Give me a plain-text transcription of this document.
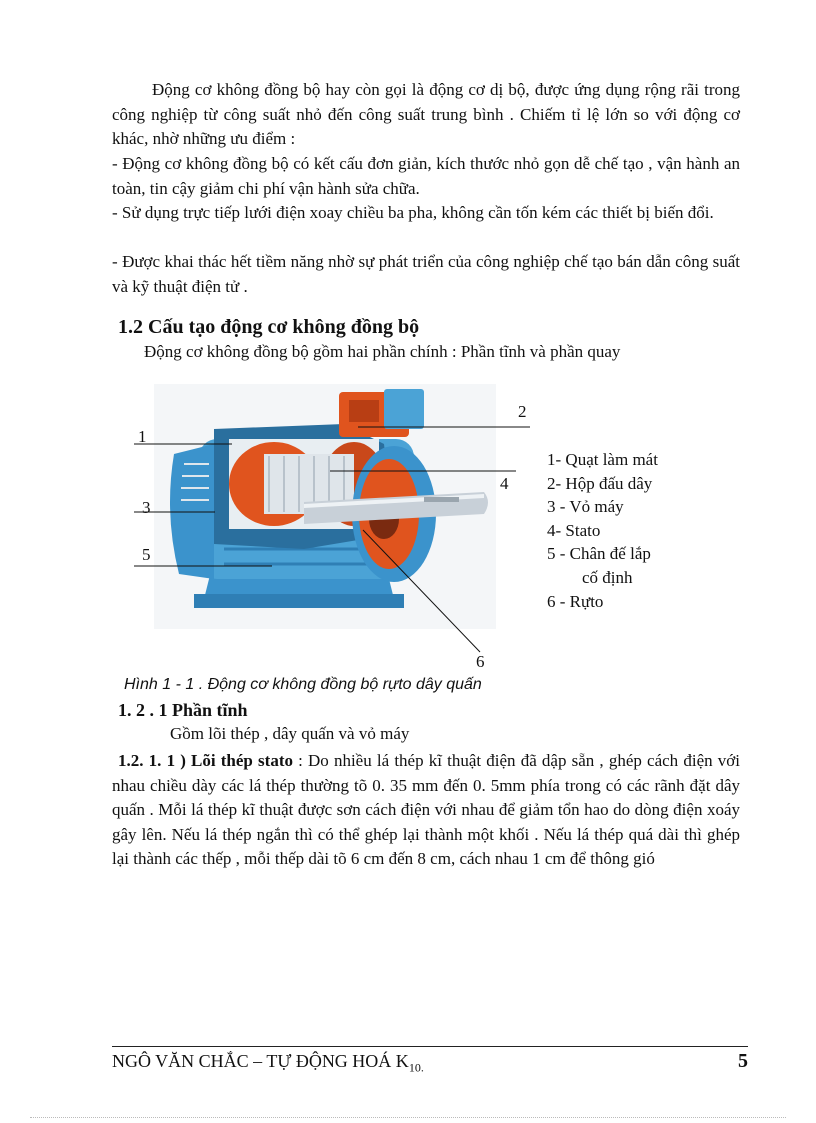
Động cơ không đồng bộ hay còn gọi là động cơ dị bộ, được ứng dụng rộng rãi trong công nghiệp từ công suất nhỏ đến công suất trung bình . Chiếm tỉ lệ lớn so với động cơ khác, nhờ những ưu điểm :

- Động cơ không đồng bộ có kết cấu đơn giản, kích thước nhỏ gọn dễ chế tạo , vận hành an toàn, tin cậy giảm chi phí vận hành sửa chữa.

- Sử dụng trực tiếp lưới điện xoay chiều ba pha, không cần tốn kém các thiết bị biến đổi.

- Được khai thác hết tiềm năng nhờ sự phát triển của công nghiệp chế tạo bán dẫn công suất và kỹ thuật điện tử .

1.2 Cấu tạo động cơ không đồng bộ
Động cơ không đồng bộ gồm hai phần chính : Phần tĩnh và phần quay
1
2
3
4
5
6
1- Quạt làm mát
2- Hộp đấu dây
3 - Vỏ máy
4- Stato
5 - Chân đế lắp
cố định
6 - Rựto
Hình 1 - 1 . Động cơ không đồng bộ rựto dây quấn
1. 2 . 1 Phần tĩnh
Gồm lõi thép , dây quấn và vỏ máy

1.2. 1. 1 ) Lõi thép stato : Do nhiều lá thép kĩ thuật điện đã dập sẵn , ghép cách điện với nhau chiều dày các lá thép thường tõ 0. 35 mm đến 0. 5mm phía trong có các rãnh đặt dây quấn . Mỗi lá thép kĩ thuật được sơn cách điện với nhau để giảm tổn hao do dòng điện xoáy gây lên. Nếu lá thép ngắn thì có thể ghép lại thành một khối . Nếu lá thép quá dài thì ghép lại thành các thếp , mỗi thếp dài tõ 6 cm đến 8 cm, cách nhau 1 cm để thông gió

NGÔ VĂN CHẮC – TỰ ĐỘNG HOÁ $K_{10.}$	5
